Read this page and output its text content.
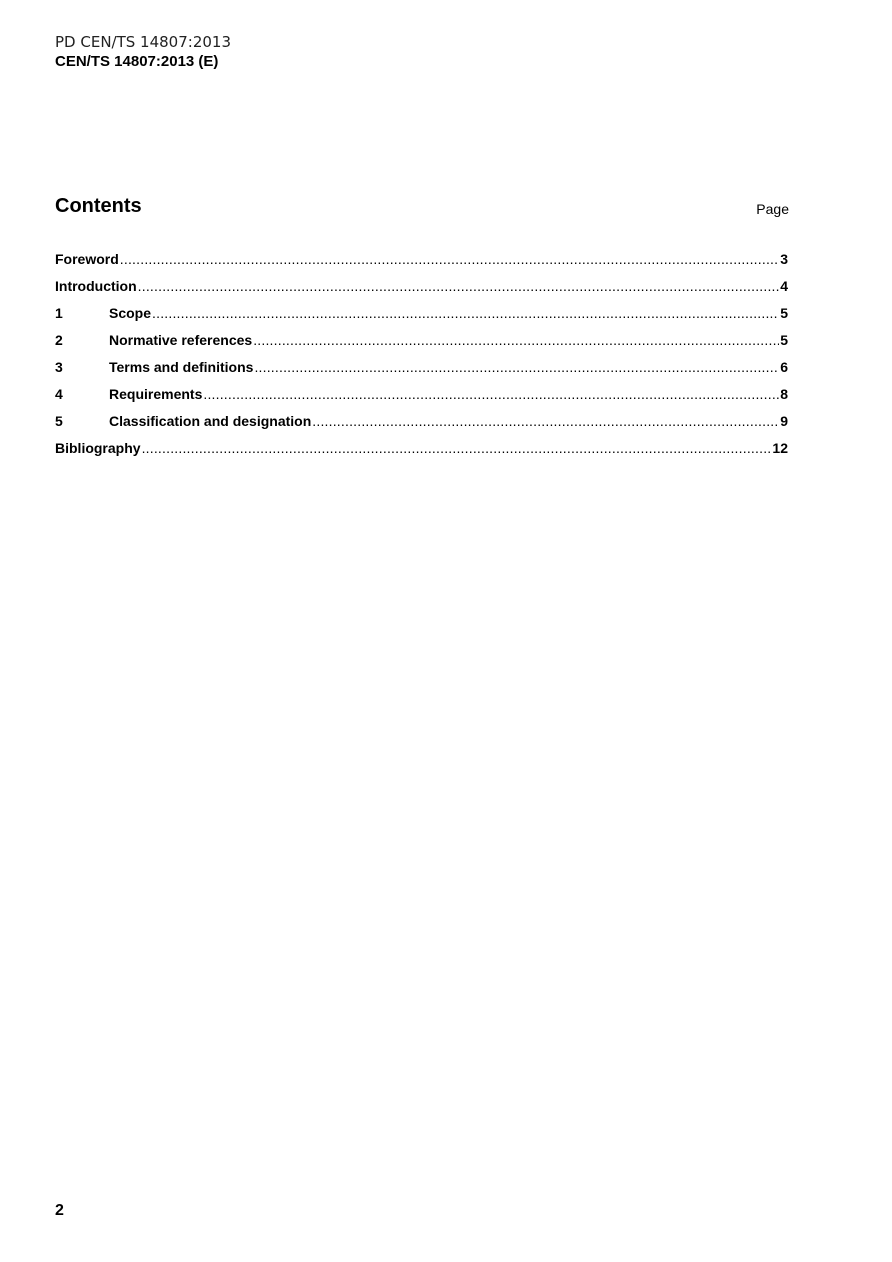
PD CEN/TS 14807:2013
CEN/TS 14807:2013 (E)
Contents	Page
Foreword .....	3
Introduction .....	4
1	Scope .....	5
2	Normative references .....	5
3	Terms and definitions .....	6
4	Requirements .....	8
5	Classification and designation .....	9
Bibliography .....	12
2
